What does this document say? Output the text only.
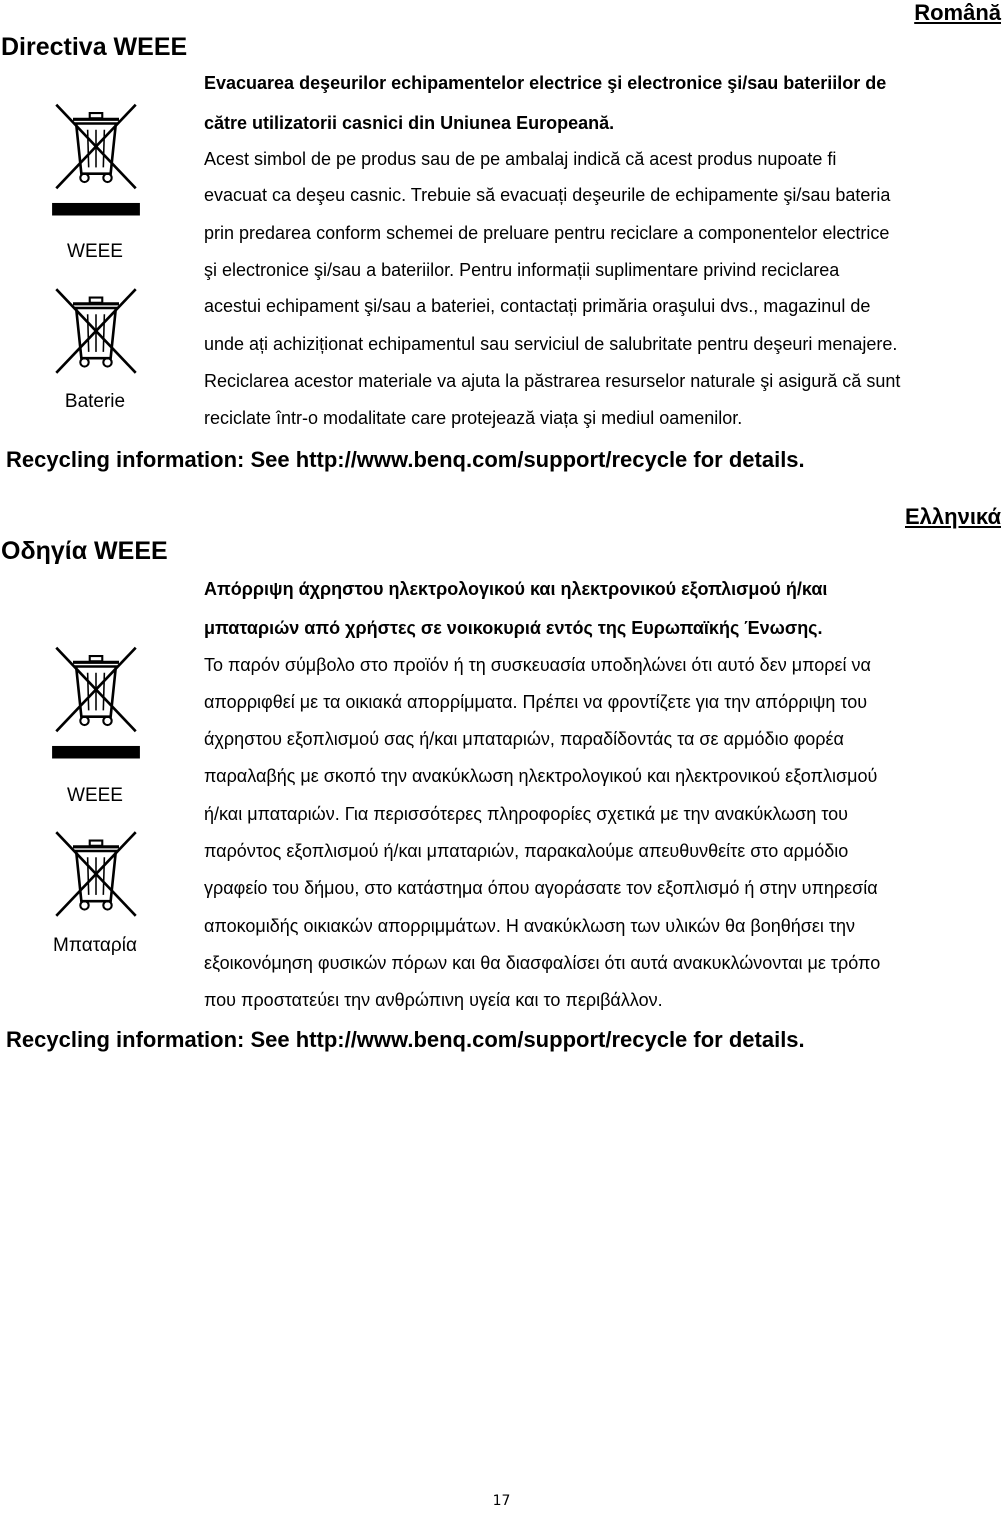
Română
Directiva WEEE
WEEE
Baterie
Evacuarea deşeurilor echipamentelor electrice şi electronice şi/sau bateriilor de
către utilizatorii casnici din Uniunea Europeană.
Acest simbol de pe produs sau de pe ambalaj indică că acest produs nupoate fi
evacuat ca deşeu casnic. Trebuie să evacuați deşeurile de echipamente şi/sau bateria
prin predarea conform schemei de preluare pentru reciclare a componentelor electrice
şi electronice şi/sau a bateriilor. Pentru informații suplimentare privind reciclarea
acestui echipament şi/sau a bateriei, contactați primăria oraşului dvs., magazinul de
unde ați achiziționat echipamentul sau serviciul de salubritate pentru deşeuri menajere.
Reciclarea acestor materiale va ajuta la păstrarea resurselor naturale şi asigură că sunt
reciclate într-o modalitate care protejează viața şi mediul oamenilor.
Recycling information: See http://www.benq.com/support/recycle for details.
Ελληνικά
Οδηγία WEEE
WEEE
Μπαταρία
Απόρριψη άχρηστου ηλεκτρολογικού και ηλεκτρονικού εξοπλισμού ή/και
μπαταριών από χρήστες σε νοικοκυριά εντός της Ευρωπαϊκής Ένωσης.
Το παρόν σύμβολο στο προϊόν ή τη συσκευασία υποδηλώνει ότι αυτό δεν μπορεί να
απορριφθεί με τα οικιακά απορρίμματα. Πρέπει να φροντίζετε για την απόρριψη του
άχρηστου εξοπλισμού σας ή/και μπαταριών, παραδίδοντάς τα σε αρμόδιο φορέα
παραλαβής με σκοπό την ανακύκλωση ηλεκτρολογικού και ηλεκτρονικού εξοπλισμού
ή/και μπαταριών. Για περισσότερες πληροφορίες σχετικά με την ανακύκλωση του
παρόντος εξοπλισμού ή/και μπαταριών, παρακαλούμε απευθυνθείτε στο αρμόδιο
γραφείο του δήμου, στο κατάστημα όπου αγοράσατε τον εξοπλισμό ή στην υπηρεσία
αποκομιδής οικιακών απορριμμάτων. Η ανακύκλωση των υλικών θα βοηθήσει την
εξοικονόμηση φυσικών πόρων και θα διασφαλίσει ότι αυτά ανακυκλώνονται με τρόπο
που προστατεύει την ανθρώπινη υγεία και το περιβάλλον.
Recycling information: See http://www.benq.com/support/recycle for details.
17
